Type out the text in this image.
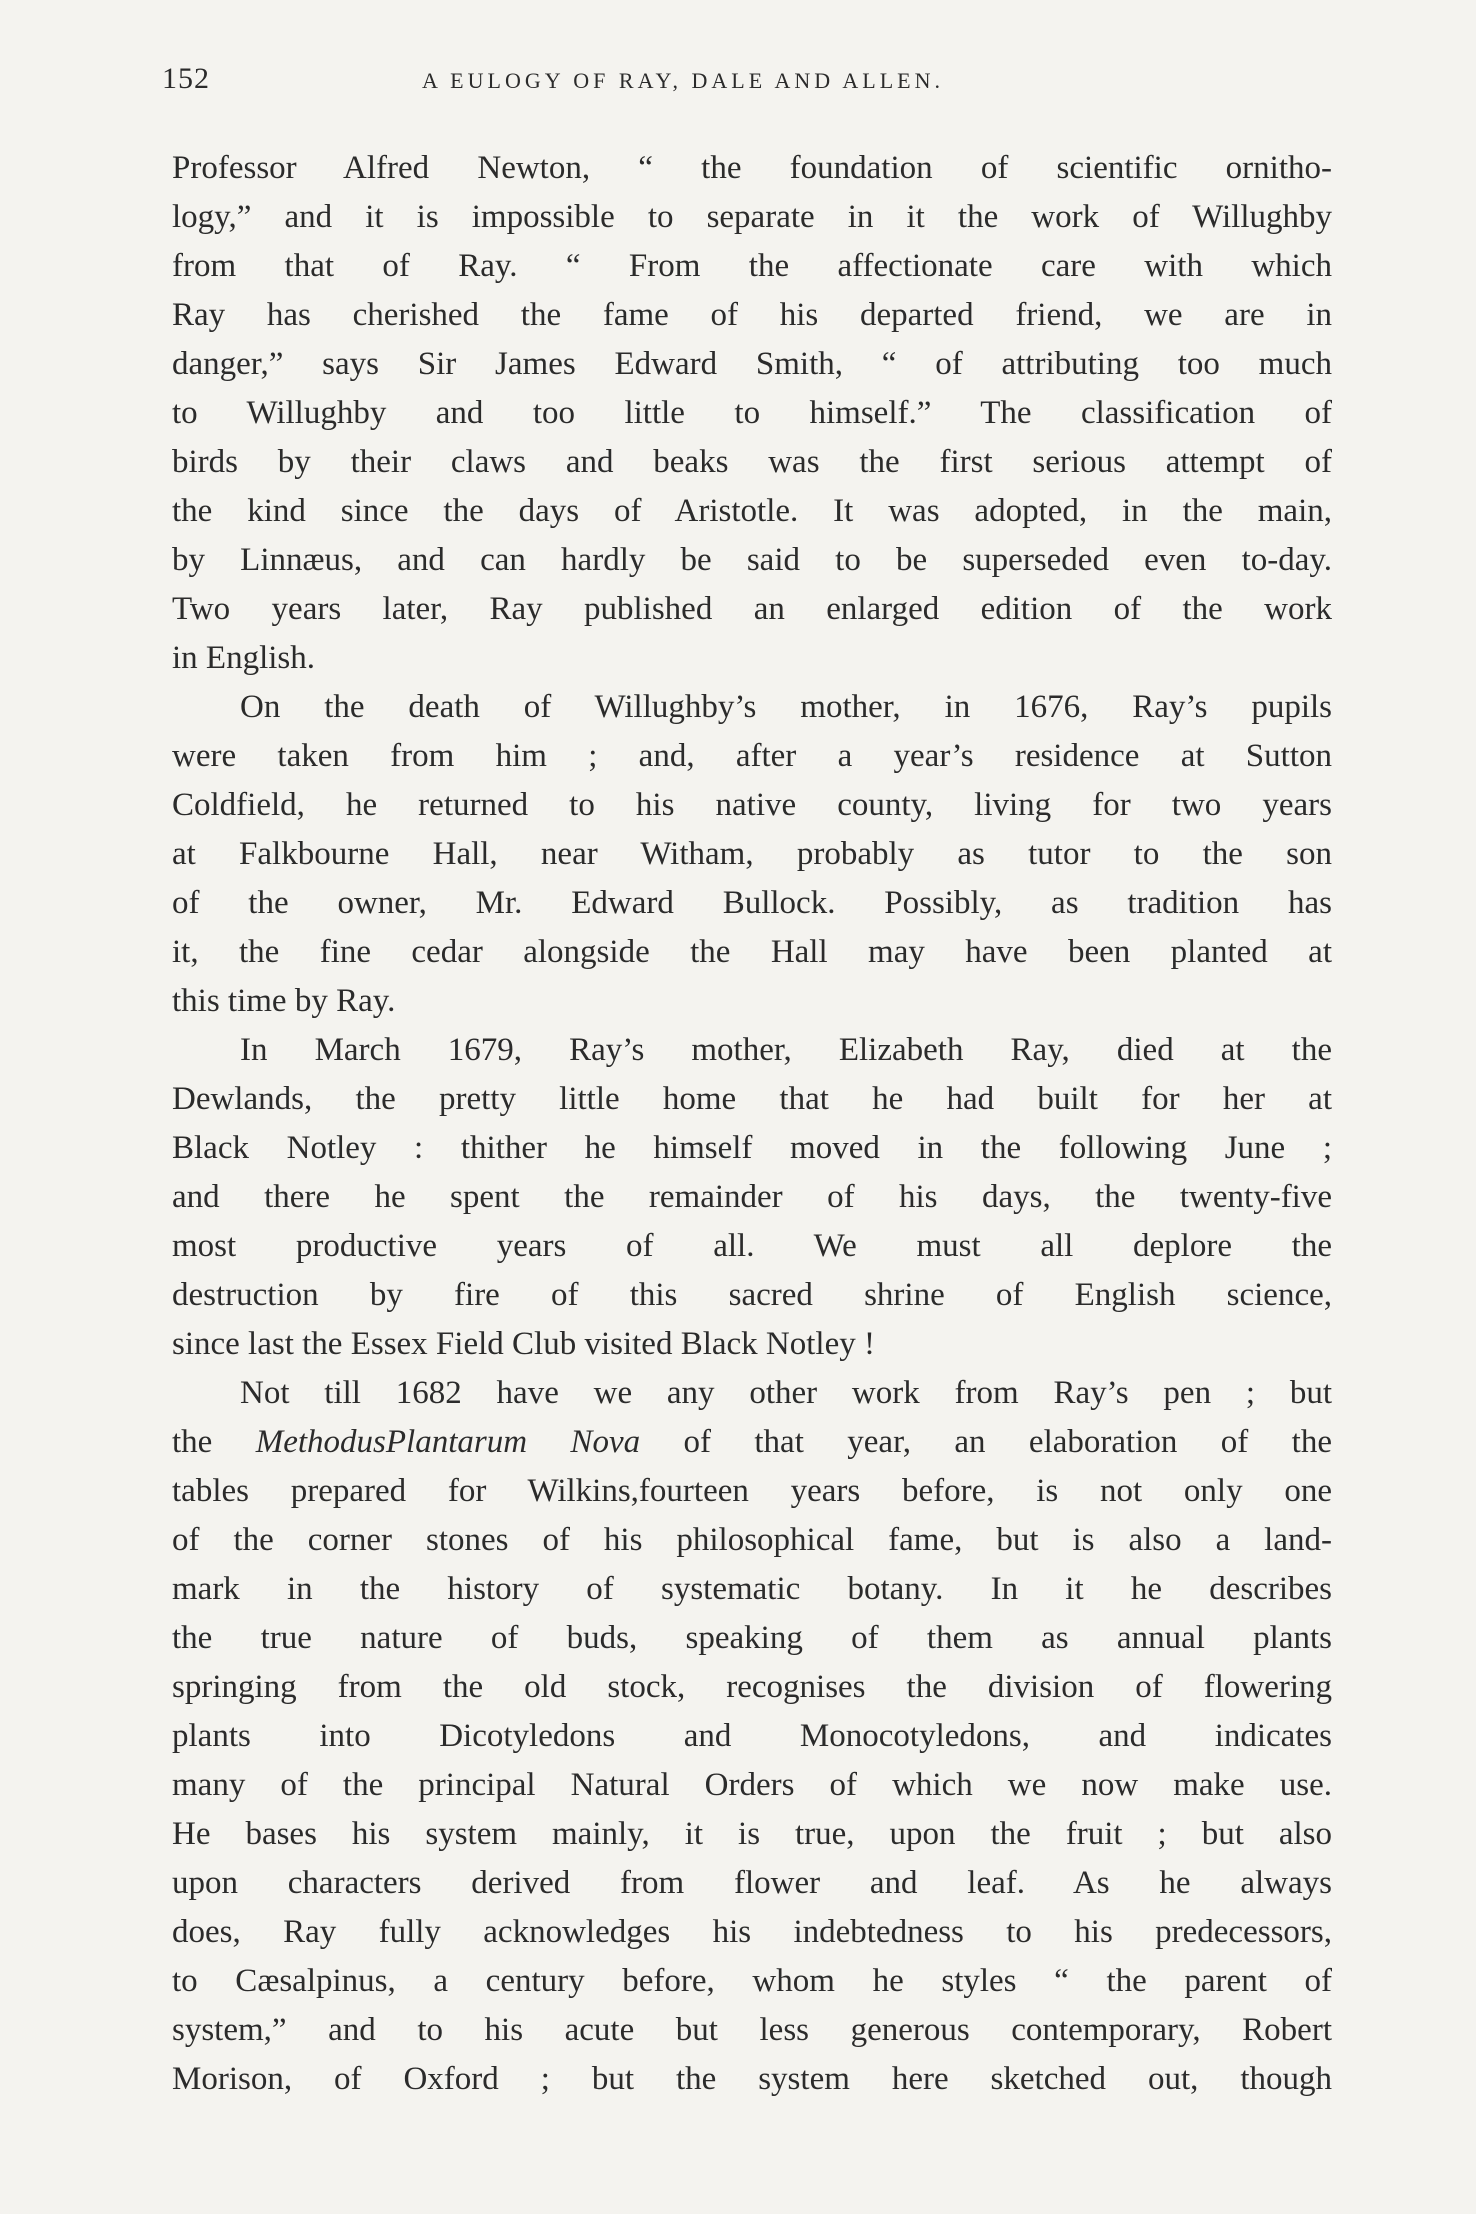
152	A EULOGY OF RAY, DALE AND ALLEN.
Professor Alfred Newton, “ the foundation of scientific ornitho-
logy,” and it is impossible to separate in it the work of Willughby
from that of Ray. “ From the affectionate care with which
Ray has cherished the fame of his departed friend, we are in
danger,” says Sir James Edward Smith, “ of attributing too much
to Willughby and too little to himself.” The classification of
birds by their claws and beaks was the first serious attempt of
the kind since the days of Aristotle. It was adopted, in the main,
by Linnæus, and can hardly be said to be superseded even to-day.
Two years later, Ray published an enlarged edition of the work
in English.
On the death of Willughby’s mother, in 1676, Ray’s pupils
were taken from him ; and, after a year’s residence at Sutton
Coldfield, he returned to his native county, living for two years
at Falkbourne Hall, near Witham, probably as tutor to the son
of the owner, Mr. Edward Bullock. Possibly, as tradition has
it, the fine cedar alongside the Hall may have been planted at
this time by Ray.
In March 1679, Ray’s mother, Elizabeth Ray, died at the
Dewlands, the pretty little home that he had built for her at
Black Notley : thither he himself moved in the following June ;
and there he spent the remainder of his days, the twenty-five
most productive years of all. We must all deplore the
destruction by fire of this sacred shrine of English science,
since last the Essex Field Club visited Black Notley !
Not till 1682 have we any other work from Ray’s pen ; but
the MethodusPlantarum Nova of that year, an elaboration of the
tables prepared for Wilkins,fourteen years before, is not only one
of the corner stones of his philosophical fame, but is also a land-
mark in the history of systematic botany. In it he describes
the true nature of buds, speaking of them as annual plants
springing from the old stock, recognises the division of flowering
plants into Dicotyledons and Monocotyledons, and indicates
many of the principal Natural Orders of which we now make use.
He bases his system mainly, it is true, upon the fruit ; but also
upon characters derived from flower and leaf. As he always
does, Ray fully acknowledges his indebtedness to his predecessors,
to Cæsalpinus, a century before, whom he styles “ the parent of
system,” and to his acute but less generous contemporary, Robert
Morison, of Oxford ; but the system here sketched out, though
